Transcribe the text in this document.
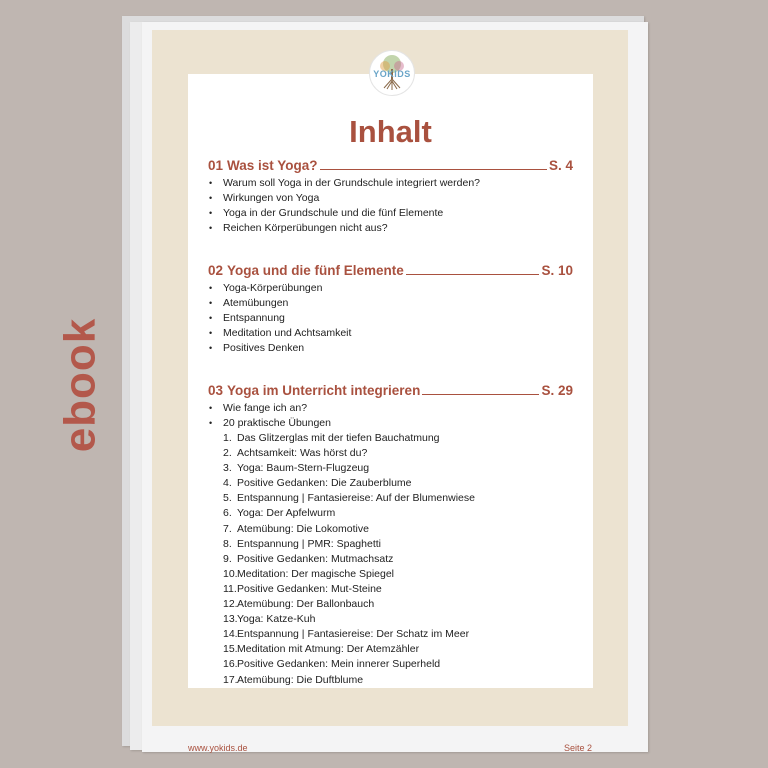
ebook
www.yokids.de	Seite 2
YOKIDS
Inhalt
01 Was ist Yoga?	S. 4
• Warum soll Yoga in der Grundschule integriert werden?
• Wirkungen von Yoga
• Yoga in der Grundschule und die fünf Elemente
• Reichen Körperübungen nicht aus?
02 Yoga und die fünf Elemente	S. 10
• Yoga-Körperübungen
• Atemübungen
• Entspannung
• Meditation und Achtsamkeit
• Positives Denken
03 Yoga im Unterricht integrieren	S. 29
• Wie fange ich an?
• 20 praktische Übungen
1. Das Glitzerglas mit der tiefen Bauchatmung
2. Achtsamkeit: Was hörst du?
3. Yoga: Baum-Stern-Flugzeug
4. Positive Gedanken: Die Zauberblume
5. Entspannung | Fantasiereise: Auf der Blumenwiese
6. Yoga: Der Apfelwurm
7. Atemübung: Die Lokomotive
8. Entspannung | PMR: Spaghetti
9. Positive Gedanken: Mutmachsatz
10. Meditation: Der magische Spiegel
11. Positive Gedanken: Mut-Steine
12. Atemübung: Der Ballonbauch
13. Yoga: Katze-Kuh
14. Entspannung | Fantasiereise: Der Schatz im Meer
15. Meditation mit Atmung: Der Atemzähler
16. Positive Gedanken: Mein innerer Superheld
17. Atemübung: Die Duftblume
